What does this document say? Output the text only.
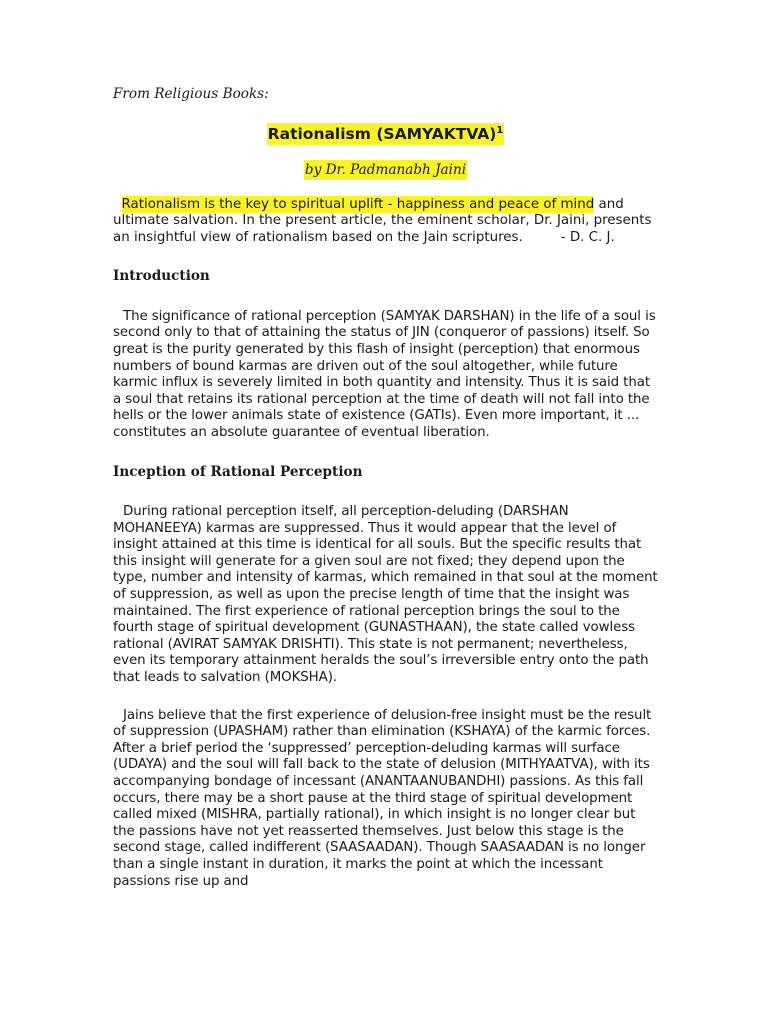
From Religious Books:

Rationalism (SAMYAKTVA)$^1$
by Dr. Padmanabh Jaini
Rationalism is the key to spiritual uplift - happiness and peace of mind and ultimate salvation. In the present article, the eminent scholar, Dr. Jaini, presents an insightful view of rationalism based on the Jain scriptures.	- D. C. J.
Introduction

The significance of rational perception (SAMYAK DARSHAN) in the life of a soul is second only to that of attaining the status of JIN (conqueror of passions) itself. So great is the purity generated by this flash of insight (perception) that enormous numbers of bound karmas are driven out of the soul altogether, while future karmic influx is severely limited in both quantity and intensity. Thus it is said that a soul that retains its rational perception at the time of death will not fall into the hells or the lower animals state of existence (GATIs). Even more important, it ... constitutes an absolute guarantee of eventual liberation.

Inception of Rational Perception

During rational perception itself, all perception-deluding (DARSHAN MOHANEEYA) karmas are suppressed. Thus it would appear that the level of insight attained at this time is identical for all souls. But the specific results that this insight will generate for a given soul are not fixed; they depend upon the type, number and intensity of karmas, which remained in that soul at the moment of suppression, as well as upon the precise length of time that the insight was maintained. The first experience of rational perception brings the soul to the fourth stage of spiritual development (GUNASTHAAN), the state called vowless rational (AVIRAT SAMYAK DRISHTI). This state is not permanent; nevertheless, even its temporary attainment heralds the soul’s irreversible entry onto the path that leads to salvation (MOKSHA).

Jains believe that the first experience of delusion-free insight must be the result of suppression (UPASHAM) rather than elimination (KSHAYA) of the karmic forces. After a brief period the ‘suppressed’ perception-deluding karmas will surface (UDAYA) and the soul will fall back to the state of delusion (MITHYAATVA), with its accompanying bondage of incessant (ANANTAANUBANDHI) passions. As this fall occurs, there may be a short pause at the third stage of spiritual development called mixed (MISHRA, partially rational), in which insight is no longer clear but the passions have not yet reasserted themselves. Just below this stage is the second stage, called indifferent (SAASAADAN). Though SAASAADAN is no longer than a single instant in duration, it marks the point at which the incessant passions rise up and
